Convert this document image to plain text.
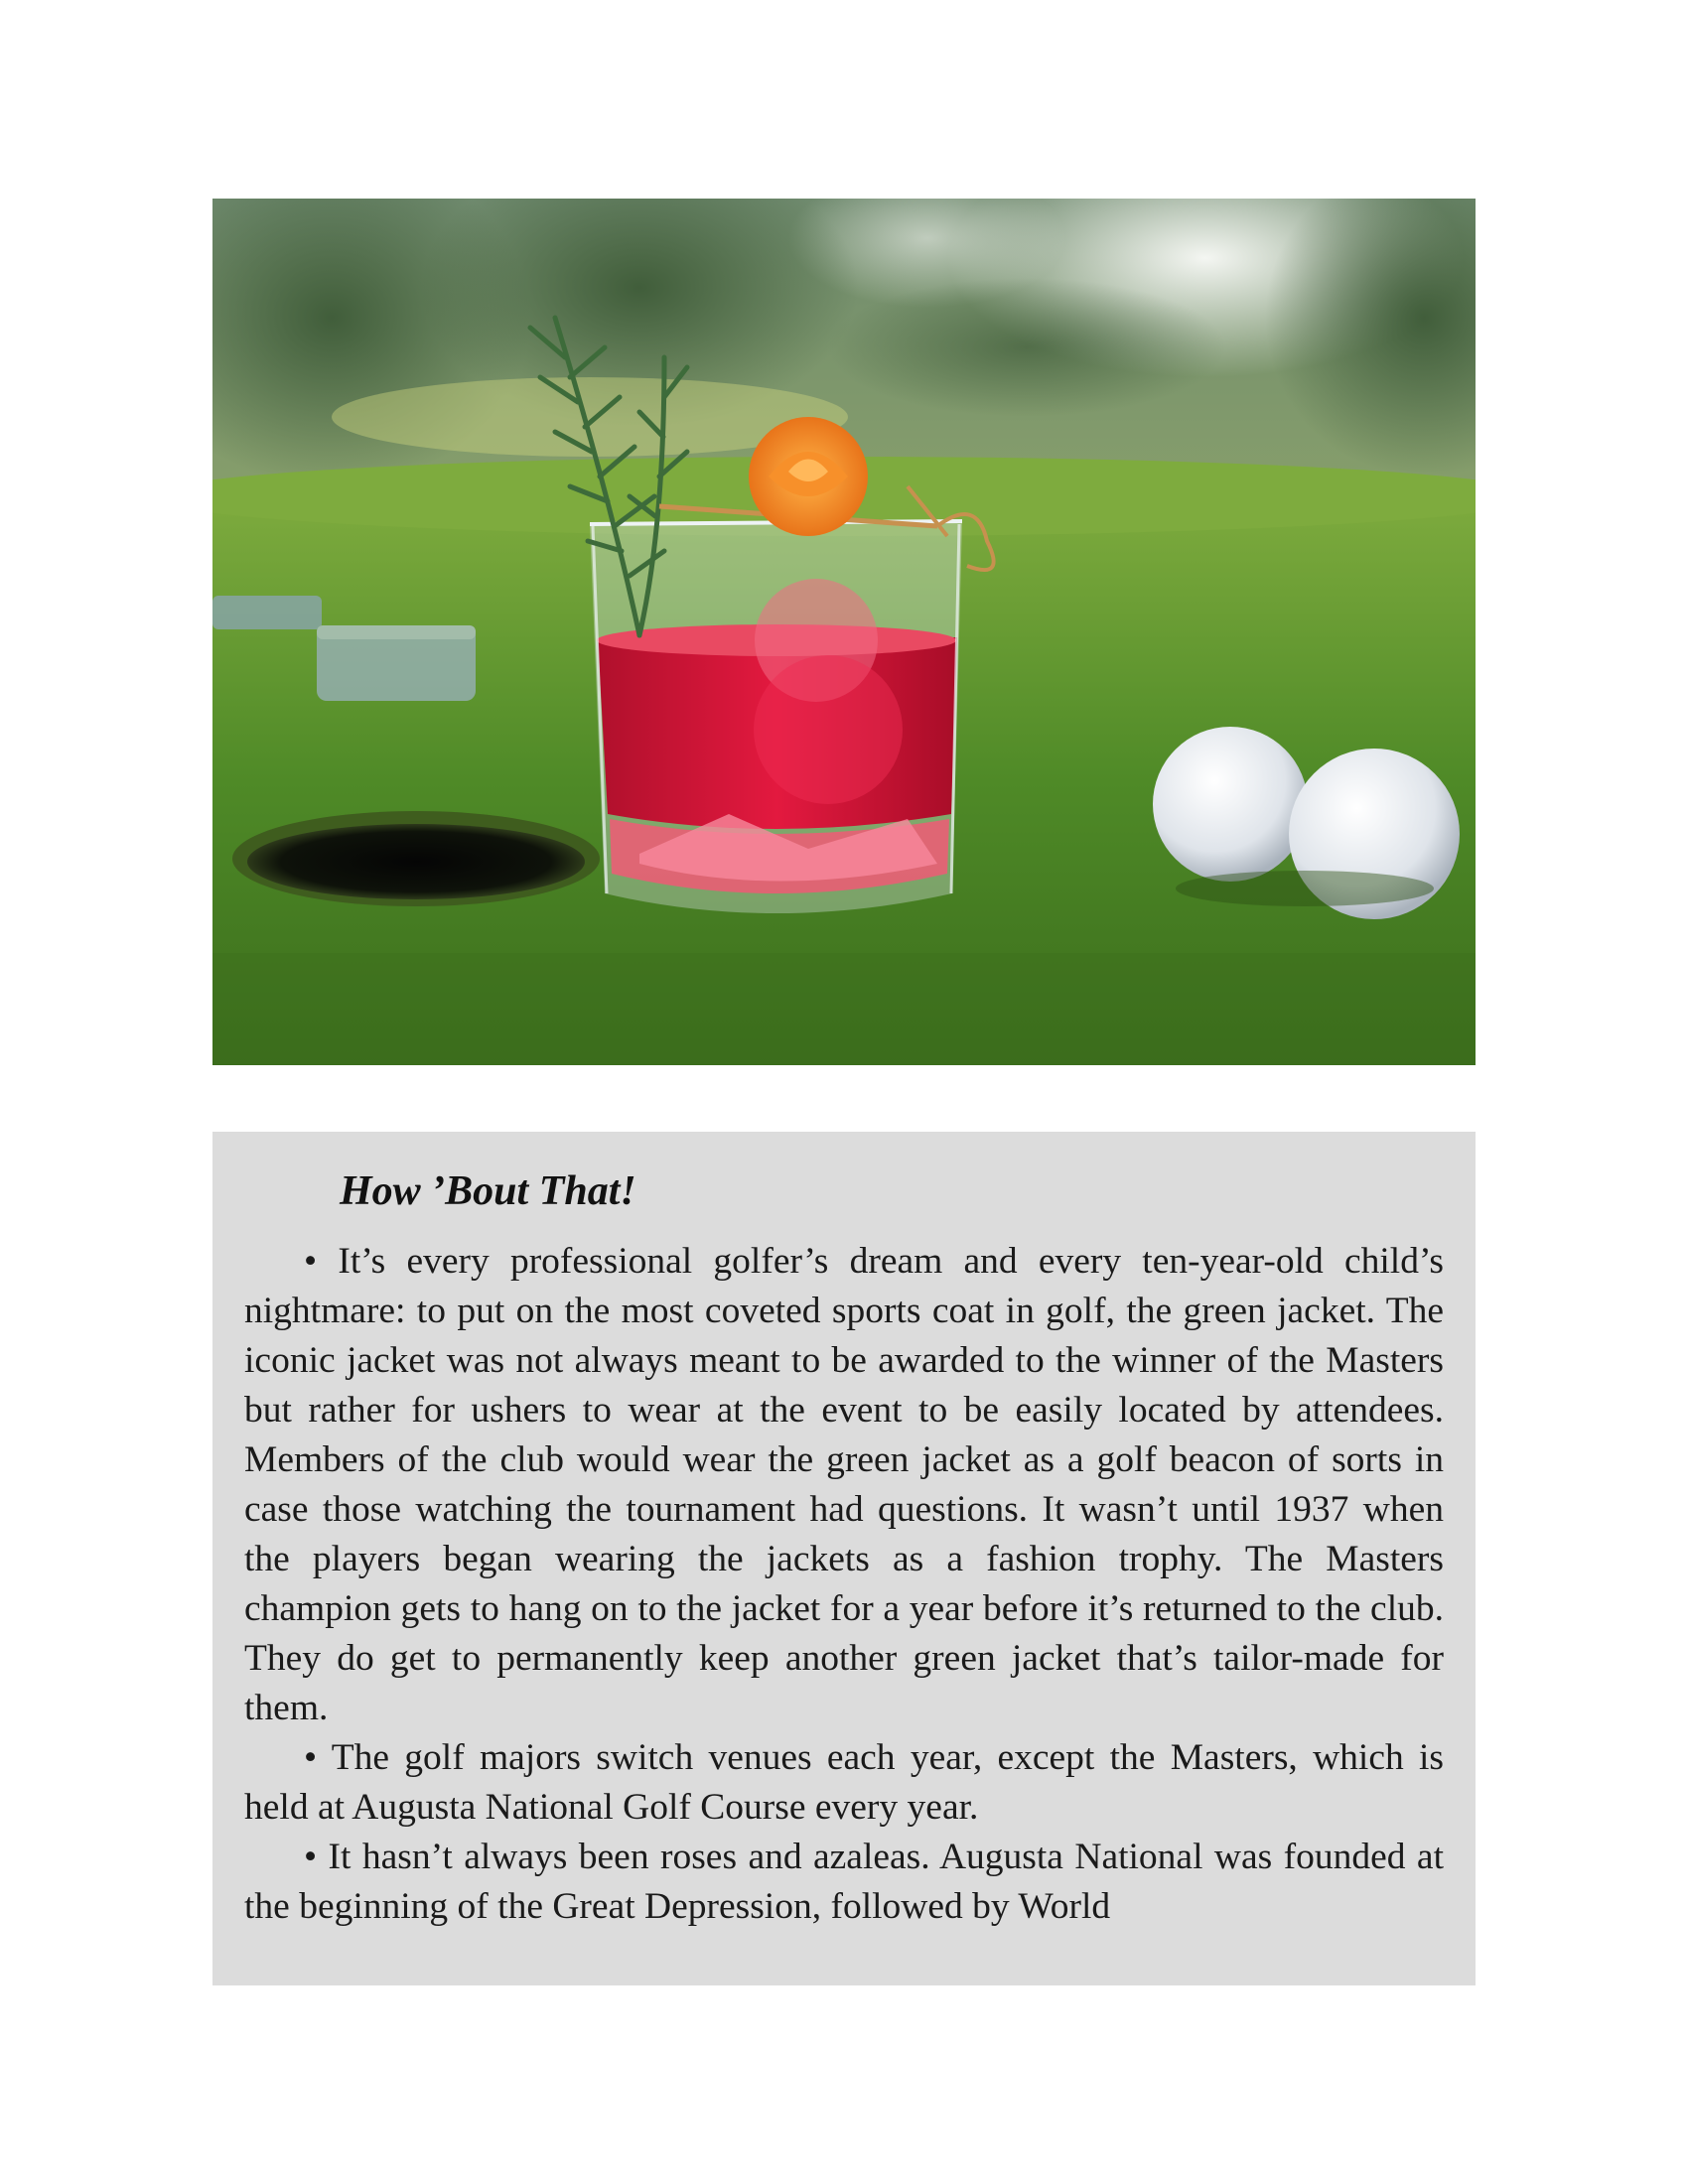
How ’Bout That!

• It’s every professional golfer’s dream and every ten-year-old child’s nightmare: to put on the most coveted sports coat in golf, the green jacket. The iconic jacket was not always meant to be awarded to the winner of the Masters but rather for ushers to wear at the event to be easily located by attendees. Members of the club would wear the green jacket as a golf beacon of sorts in case those watching the tournament had questions. It wasn’t until 1937 when the players began wearing the jackets as a fashion trophy. The Masters champion gets to hang on to the jacket for a year before it’s returned to the club. They do get to permanently keep another green jacket that’s tailor-made for them.

• The golf majors switch venues each year, except the Masters, which is held at Augusta National Golf Course every year.

• It hasn’t always been roses and azaleas. Augusta National was founded at the beginning of the Great Depression, followed by World
